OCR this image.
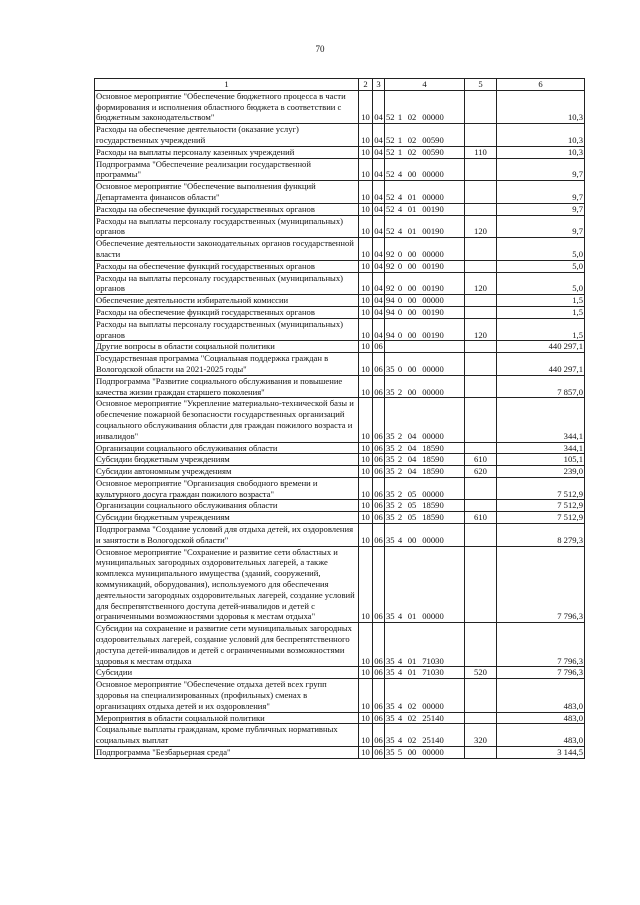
70
1	2	3	4	5	6
Основное мероприятие "Обеспечение бюджетного процесса в части формирования и исполнения областного бюджета в соответствии с бюджетным законодательством"	10	04	52 1 02 00000		10,3
Расходы на обеспечение деятельности (оказание услуг) государственных учреждений	10	04	52 1 02 00590		10,3
Расходы на выплаты персоналу казенных учреждений	10	04	52 1 02 00590	110	10,3
Подпрограмма "Обеспечение реализации государственной программы"	10	04	52 4 00 00000		9,7
Основное мероприятие "Обеспечение выполнения функций Департамента финансов области"	10	04	52 4 01 00000		9,7
Расходы на обеспечение функций государственных органов	10	04	52 4 01 00190		9,7
Расходы на выплаты персоналу государственных (муниципальных) органов	10	04	52 4 01 00190	120	9,7
Обеспечение деятельности законодательных органов государственной власти	10	04	92 0 00 00000		5,0
Расходы на обеспечение функций государственных органов	10	04	92 0 00 00190		5,0
Расходы на выплаты персоналу государственных (муниципальных) органов	10	04	92 0 00 00190	120	5,0
Обеспечение деятельности избирательной комиссии	10	04	94 0 00 00000		1,5
Расходы на обеспечение функций государственных органов	10	04	94 0 00 00190		1,5
Расходы на выплаты персоналу государственных (муниципальных) органов	10	04	94 0 00 00190	120	1,5
Другие вопросы в области социальной политики	10	06			440 297,1
Государственная программа "Социальная поддержка граждан в Вологодской области на 2021-2025 годы"	10	06	35 0 00 00000		440 297,1
Подпрограмма "Развитие социального обслуживания и повышение качества жизни граждан старшего поколения"	10	06	35 2 00 00000		7 857,0
Основное мероприятие "Укрепление материально-технической базы и обеспечение пожарной безопасности государственных организаций социального обслуживания области для граждан пожилого возраста и инвалидов"	10	06	35 2 04 00000		344,1
Организации социального обслуживания области	10	06	35 2 04 18590		344,1
Субсидии бюджетным учреждениям	10	06	35 2 04 18590	610	105,1
Субсидии автономным учреждениям	10	06	35 2 04 18590	620	239,0
Основное мероприятие "Организация свободного времени и культурного досуга граждан пожилого возраста"	10	06	35 2 05 00000		7 512,9
Организации социального обслуживания области	10	06	35 2 05 18590		7 512,9
Субсидии бюджетным учреждениям	10	06	35 2 05 18590	610	7 512,9
Подпрограмма "Создание условий для отдыха детей, их оздоровления и занятости в Вологодской области"	10	06	35 4 00 00000		8 279,3
Основное мероприятие "Сохранение и развитие сети областных и муниципальных загородных оздоровительных лагерей, а также комплекса муниципального имущества (зданий, сооружений, коммуникаций, оборудования), используемого для обеспечения деятельности загородных оздоровительных лагерей, создание условий для беспрепятственного доступа детей-инвалидов и детей с ограниченными возможностями здоровья к местам отдыха"	10	06	35 4 01 00000		7 796,3
Субсидии на сохранение и развитие сети муниципальных загородных оздоровительных лагерей, создание условий для беспрепятственного доступа детей-инвалидов и детей с ограниченными возможностями здоровья к местам отдыха	10	06	35 4 01 71030		7 796,3
Субсидии	10	06	35 4 01 71030	520	7 796,3
Основное мероприятие "Обеспечение отдыха детей всех групп здоровья на специализированных (профильных) сменах в организациях отдыха детей и их оздоровления"	10	06	35 4 02 00000		483,0
Мероприятия в области социальной политики	10	06	35 4 02 25140		483,0
Социальные выплаты гражданам, кроме публичных нормативных социальных выплат	10	06	35 4 02 25140	320	483,0
Подпрограмма "Безбарьерная среда"	10	06	35 5 00 00000		3 144,5
